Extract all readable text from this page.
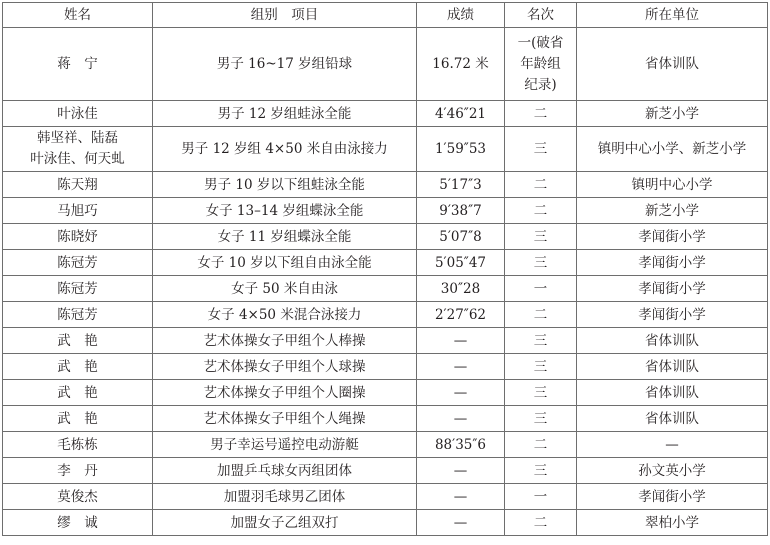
姓名	组别　项目	成绩	名次	所在单位
蒋　宁	男子 16~17 岁组铅球	16.72 米	一(破省
年龄组
纪录)	省体训队
叶泳佳	男子 12 岁组蛙泳全能	4′46″21	二	新芝小学
韩坚祥、陆磊
叶泳佳、何天虬	男子 12 岁组 4×50 米自由泳接力	1′59″53	三	镇明中心小学、新芝小学
陈天翔	男子 10 岁以下组蛙泳全能	5′17″3	二	镇明中心小学
马旭巧	女子 13–14 岁组蝶泳全能	9′38″7	二	新芝小学
陈晓妤	女子 11 岁组蝶泳全能	5′07″8	三	孝闻街小学
陈冠芳	女子 10 岁以下组自由泳全能	5′05″47	三	孝闻街小学
陈冠芳	女子 50 米自由泳	30″28	一	孝闻街小学
陈冠芳	女子 4×50 米混合泳接力	2′27″62	二	孝闻街小学
武　艳	艺术体操女子甲组个人棒操	—	三	省体训队
武　艳	艺术体操女子甲组个人球操	—	三	省体训队
武　艳	艺术体操女子甲组个人圈操	—	三	省体训队
武　艳	艺术体操女子甲组个人绳操	—	三	省体训队
毛栋栋	男子幸运号遥控电动游艇	88′35″6	二	—
李　丹	加盟乒乓球女丙组团体	—	三	孙文英小学
莫俊杰	加盟羽毛球男乙团体	—	一	孝闻街小学
缪　诚	加盟女子乙组双打	—	二	翠柏小学
